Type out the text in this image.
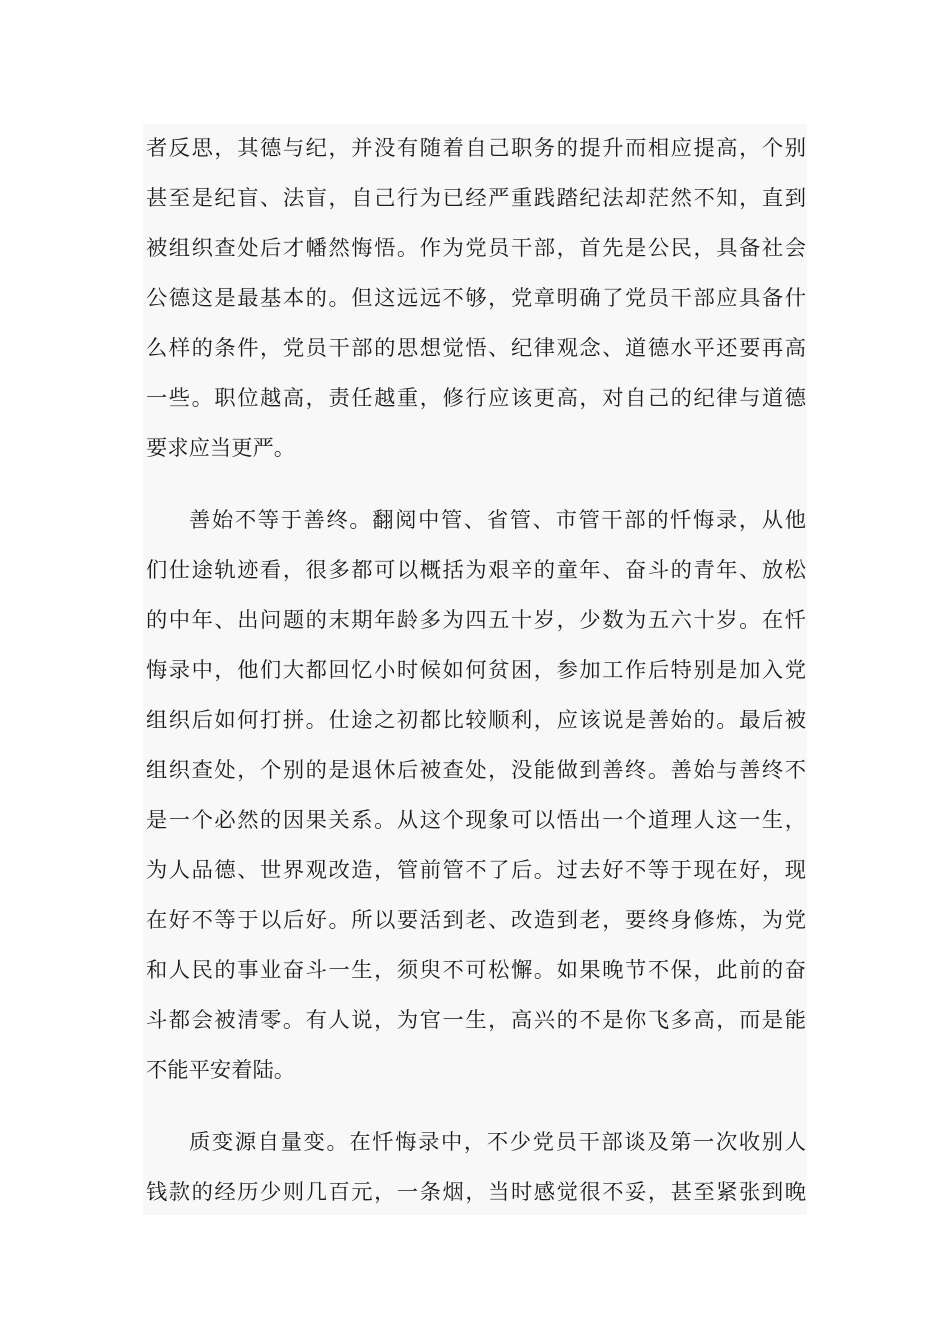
者反思，其德与纪，并没有随着自己职务的提升而相应提高，个别

甚至是纪盲、法盲，自己行为已经严重践踏纪法却茫然不知，直到

被组织查处后才幡然悔悟。作为党员干部，首先是公民，具备社会

公德这是最基本的。但这远远不够，党章明确了党员干部应具备什

么样的条件，党员干部的思想觉悟、纪律观念、道德水平还要再高

一些。职位越高，责任越重，修行应该更高，对自己的纪律与道德

要求应当更严。

善始不等于善终。翻阅中管、省管、市管干部的忏悔录，从他

们仕途轨迹看，很多都可以概括为艰辛的童年、奋斗的青年、放松

的中年、出问题的末期年龄多为四五十岁，少数为五六十岁。在忏

悔录中，他们大都回忆小时候如何贫困，参加工作后特别是加入党

组织后如何打拼。仕途之初都比较顺利，应该说是善始的。最后被

组织查处，个别的是退休后被查处，没能做到善终。善始与善终不

是一个必然的因果关系。从这个现象可以悟出一个道理人这一生，

为人品德、世界观改造，管前管不了后。过去好不等于现在好，现

在好不等于以后好。所以要活到老、改造到老，要终身修炼，为党

和人民的事业奋斗一生，须臾不可松懈。如果晚节不保，此前的奋

斗都会被清零。有人说，为官一生，高兴的不是你飞多高，而是能

不能平安着陆。

质变源自量变。在忏悔录中，不少党员干部谈及第一次收别人

钱款的经历少则几百元，一条烟，当时感觉很不妥，甚至紧张到晚
